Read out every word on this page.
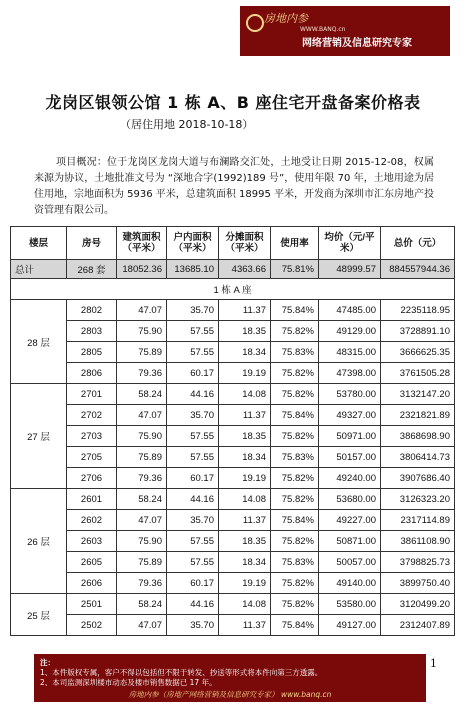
房地内参
WWW.BANQ.cn
网络营销及信息研究专家
龙岗区银领公馆 1 栋 A、B 座住宅开盘备案价格表
（居住用地 2018-10-18）
项目概况：位于龙岗区龙岗大道与布澜路交汇处，土地受让日期 2015-12-08，权属来源为协议，土地批准文号为 “深地合字(1992)189 号”，使用年限 70 年，土地用途为居住用地，宗地面积为 5936 平米，总建筑面积 18995 平米，开发商为深圳市汇东房地产投资管理有限公司。
楼层	房号	建筑面积（平米）	户内面积（平米）	分摊面积（平米）	使用率	均价（元/平米）	总价（元）
总计	268 套	18052.36	13685.10	4363.66	75.81%	48999.57	884557944.36
1 栋 A 座							
28 层	2802	47.07	35.70	11.37	75.84%	47485.00	2235118.95
	2803	75.90	57.55	18.35	75.82%	49129.00	3728891.10
	2805	75.89	57.55	18.34	75.83%	48315.00	3666625.35
	2806	79.36	60.17	19.19	75.82%	47398.00	3761505.28
27 层	2701	58.24	44.16	14.08	75.82%	53780.00	3132147.20
	2702	47.07	35.70	11.37	75.84%	49327.00	2321821.89
	2703	75.90	57.55	18.35	75.82%	50971.00	3868698.90
	2705	75.89	57.55	18.34	75.83%	50157.00	3806414.73
	2706	79.36	60.17	19.19	75.82%	49240.00	3907686.40
26 层	2601	58.24	44.16	14.08	75.82%	53680.00	3126323.20
	2602	47.07	35.70	11.37	75.84%	49227.00	2317114.89
	2603	75.90	57.55	18.35	75.82%	50871.00	3861108.90
	2605	75.89	57.55	18.34	75.83%	50057.00	3798825.73
	2606	79.36	60.17	19.19	75.82%	49140.00	3899750.40
25 层	2501	58.24	44.16	14.08	75.82%	53580.00	3120499.20
	2502	47.07	35.70	11.37	75.84%	49127.00	2312407.89
注：
1、本件版权专属，客户不得以包括但不限于转发、抄送等形式将本件向第三方透露。
2、本司监测深圳楼市动态及楼市销售数据已 17 年。
房地内参（房地产网络营销及信息研究专家） www.banq.cn
1
